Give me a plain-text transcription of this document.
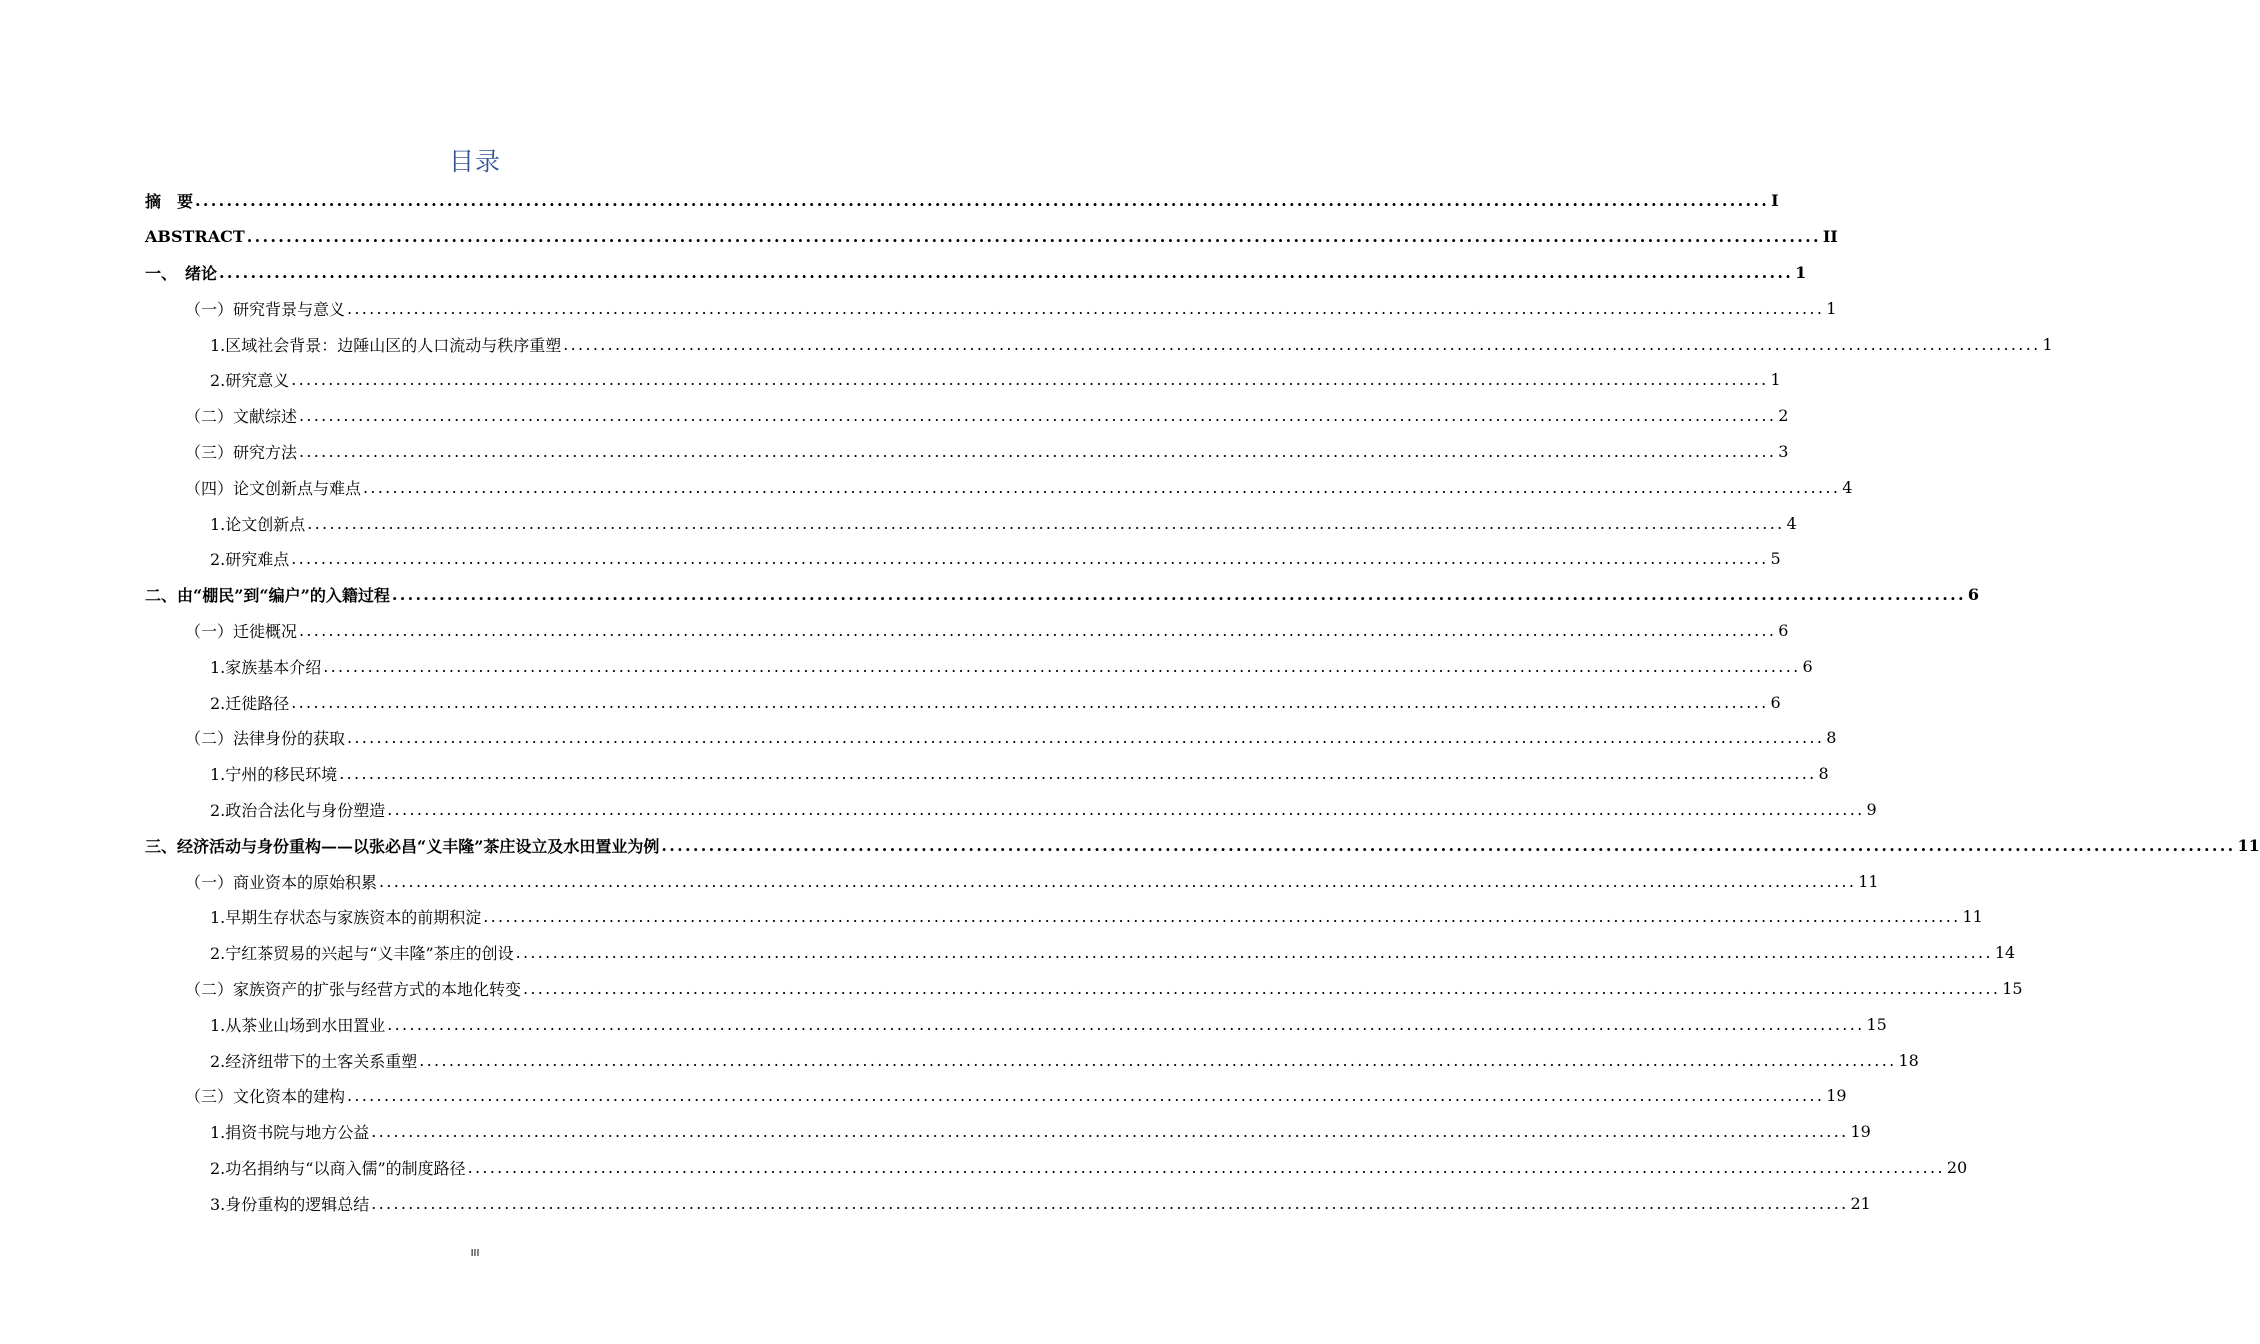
目录
摘　要 ........................................................................................................................................................................................................ I
ABSTRACT ........................................................................................................................................................................................................ II
一、　绪论 ........................................................................................................................................................................................................ 1
（一）研究背景与意义 ........................................................................................................................................................................................................ 1
1.区域社会背景：边陲山区的人口流动与秩序重塑 ........................................................................................................................................................................................................ 1
2.研究意义 ........................................................................................................................................................................................................ 1
（二）文献综述 ........................................................................................................................................................................................................ 2
（三）研究方法 ........................................................................................................................................................................................................ 3
（四）论文创新点与难点 ........................................................................................................................................................................................................ 4
1.论文创新点 ........................................................................................................................................................................................................ 4
2.研究难点 ........................................................................................................................................................................................................ 5
二、由“棚民”到“编户”的入籍过程 ........................................................................................................................................................................................................ 6
（一）迁徙概况 ........................................................................................................................................................................................................ 6
1.家族基本介绍 ........................................................................................................................................................................................................ 6
2.迁徙路径 ........................................................................................................................................................................................................ 6
（二）法律身份的获取 ........................................................................................................................................................................................................ 8
1.宁州的移民环境 ........................................................................................................................................................................................................ 8
2.政治合法化与身份塑造 ........................................................................................................................................................................................................ 9
三、经济活动与身份重构——以张必昌“义丰隆”茶庄设立及水田置业为例 ........................................................................................................................................................................................................ 11
（一）商业资本的原始积累 ........................................................................................................................................................................................................ 11
1.早期生存状态与家族资本的前期积淀 ........................................................................................................................................................................................................ 11
2.宁红茶贸易的兴起与“义丰隆”茶庄的创设 ........................................................................................................................................................................................................ 14
（二）家族资产的扩张与经营方式的本地化转变 ........................................................................................................................................................................................................ 15
1.从茶业山场到水田置业 ........................................................................................................................................................................................................ 15
2.经济纽带下的土客关系重塑 ........................................................................................................................................................................................................ 18
（三）文化资本的建构 ........................................................................................................................................................................................................ 19
1.捐资书院与地方公益 ........................................................................................................................................................................................................ 19
2.功名捐纳与“以商入儒”的制度路径 ........................................................................................................................................................................................................ 20
3.身份重构的逻辑总结 ........................................................................................................................................................................................................ 21
III
